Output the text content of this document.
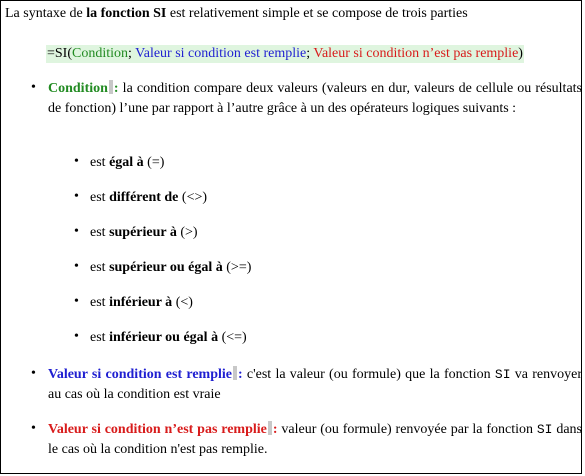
La syntaxe de la fonction SI est relativement simple et se compose de trois parties
=SI(Condition; Valeur si condition est remplie; Valeur si condition n’est pas remplie)
• Condition : la condition compare deux valeurs (valeurs en dur, valeurs de cellule ou résultats de fonction) l’une par rapport à l’autre grâce à un des opérateurs logiques suivants :
• est égal à (=)
• est différent de (<>)
• est supérieur à (>)
• est supérieur ou égal à (>=)
• est inférieur à (<)
• est inférieur ou égal à (<=)
• Valeur si condition est remplie : c'est la valeur (ou formule) que la fonction SI va renvoyer au cas où la condition est vraie
• Valeur si condition n’est pas remplie : valeur (ou formule) renvoyée par la fonction SI dans le cas où la condition n'est pas remplie.
